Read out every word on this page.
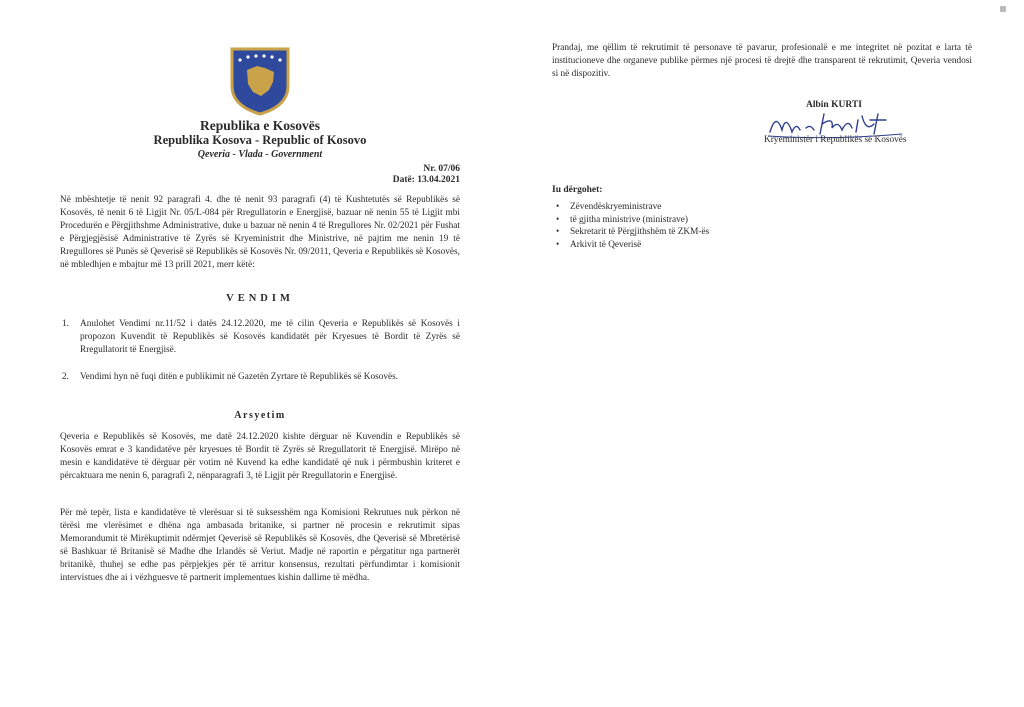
Republika e Kosovës
Republika Kosova - Republic of Kosovo
Qeveria - Vlada - Government
Nr. 07/06
Datë: 13.04.2021
Në mbështetje të nenit 92 paragrafi 4. dhe të nenit 93 paragrafi (4) të Kushtetutës së Republikës së Kosovës, të nenit 6 të Ligjit Nr. 05/L-084 për Rregullatorin e Energjisë, bazuar në nenin 55 të Ligjit mbi Procedurën e Përgjithshme Administrative, duke u bazuar në nenin 4 të Rregullores Nr. 02/2021 për Fushat e Përgjegjësisë Administrative të Zyrës së Kryeministrit dhe Ministrive, në pajtim me nenin 19 të Rregullores së Punës së Qeverisë së Republikës së Kosovës Nr. 09/2011, Qeveria e Republikës së Kosovës, në mbledhjen e mbajtur më 13 prill 2021, merr këtë:
VENDIM
1. Anulohet Vendimi nr.11/52 i datës 24.12.2020, me të cilin Qeveria e Republikës së Kosovës i propozon Kuvendit të Republikës së Kosovës kandidatët për Kryesues të Bordit të Zyrës së Rregullatorit të Energjisë.
2. Vendimi hyn në fuqi ditën e publikimit në Gazetën Zyrtare të Republikës së Kosovës.
Arsyetim
Qeveria e Republikës së Kosovës, me datë 24.12.2020 kishte dërguar në Kuvendin e Republikës së Kosovës emrat e 3 kandidatëve për kryesues të Bordit të Zyrës së Rregullatorit të Energjisë. Mirëpo në mesin e kandidatëve të dërguar për votim në Kuvend ka edhe kandidatë që nuk i përmbushin kriteret e përcaktuara me nenin 6, paragrafi 2, nënparagrafi 3, të Ligjit për Rregullatorin e Energjisë.
Për më tepër, lista e kandidatëve të vlerësuar si të suksesshëm nga Komisioni Rekrutues nuk përkon në tërësi me vlerësimet e dhëna nga ambasada britanike, si partner në procesin e rekrutimit sipas Memorandumit të Mirëkuptimit ndërmjet Qeverisë së Republikës së Kosovës, dhe Qeverisë së Mbretërisë së Bashkuar të Britanisë së Madhe dhe Irlandës së Veriut. Madje në raportin e përgatitur nga partnerët britanikë, thuhej se edhe pas përpjekjes për të arritur konsensus, rezultati përfundimtar i komisionit intervistues dhe ai i vëzhguesve të partnerit implementues kishin dallime të mëdha.
Prandaj, me qëllim të rekrutimit të personave të pavarur, profesionalë e me integritet në pozitat e larta të institucioneve dhe organeve publike përmes një procesi të drejtë dhe transparent të rekrutimit, Qeveria vendosi si në dispozitiv.
Albin KURTI
Kryeministër i Republikës së Kosovës
Iu dërgohet:
• Zëvendëskryeministrave
• të gjitha ministrive (ministrave)
• Sekretarit të Përgjithshëm të ZKM-ës
• Arkivit të Qeverisë
